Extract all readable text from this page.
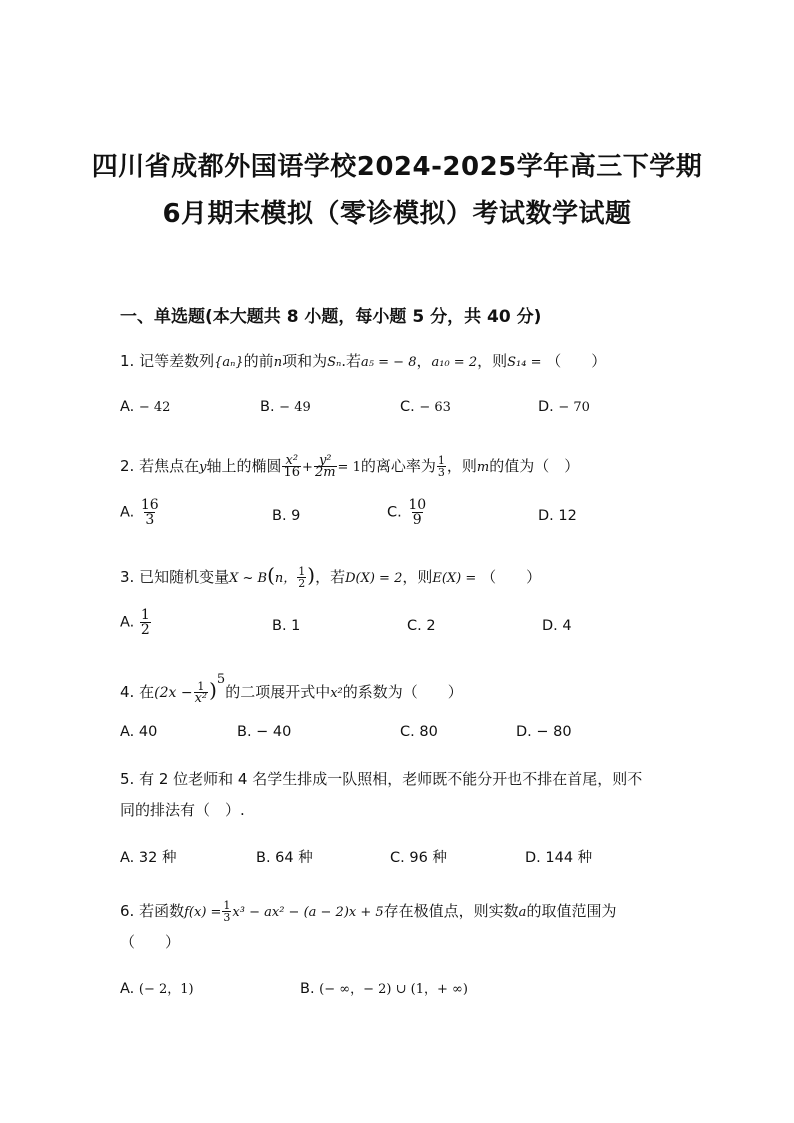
四川省成都外国语学校2024-2025学年高三下学期
6月期末模拟（零诊模拟）考试数学试题
一、单选题(本大题共 8 小题，每小题 5 分，共 40 分)
1. 记等差数列{aₙ}的前n项和为Sₙ.若a₅ = − 8，a₁₀ = 2，则S₁₄ = （　　）
A. − 42	B. − 49	C. − 63	D. − 70
2. 若焦点在y轴上的椭圆 $\frac{\text{x²}}{16} + \frac{\text{y²}}{2m} = 1$的离心率为 $\frac{1}{3}$ ，则m的值为（　）
A. $\frac{16}{3}$	B. 9	C. $\frac{10}{9}$	D. 12
3. 已知随机变量X ~ B(n， $\frac{1}{2}$ )，若D(X) = 2，则E(X) = （　　）
A. $\frac{1}{2}$	B. 1	C. 2	D. 4
4. 在$(2x - \frac{1}{\text{x²}} )^5$的二项展开式中x²的系数为（　　）
A. 40	B. − 40	C. 80	D. − 80
5. 有 2 位老师和 4 名学生排成一队照相，老师既不能分开也不排在首尾，则不
同的排法有（　）.
A. 32 种	B. 64 种	C. 96 种	D. 144 种
6. 若函数$f(x) = \frac{1}{3} x^3 - ax^2 - (a - 2)x + 5$存在极值点，则实数a的取值范围为
（　　）
A. (− 2，1)	B. (− ∞，− 2) ∪ (1，+ ∞)
